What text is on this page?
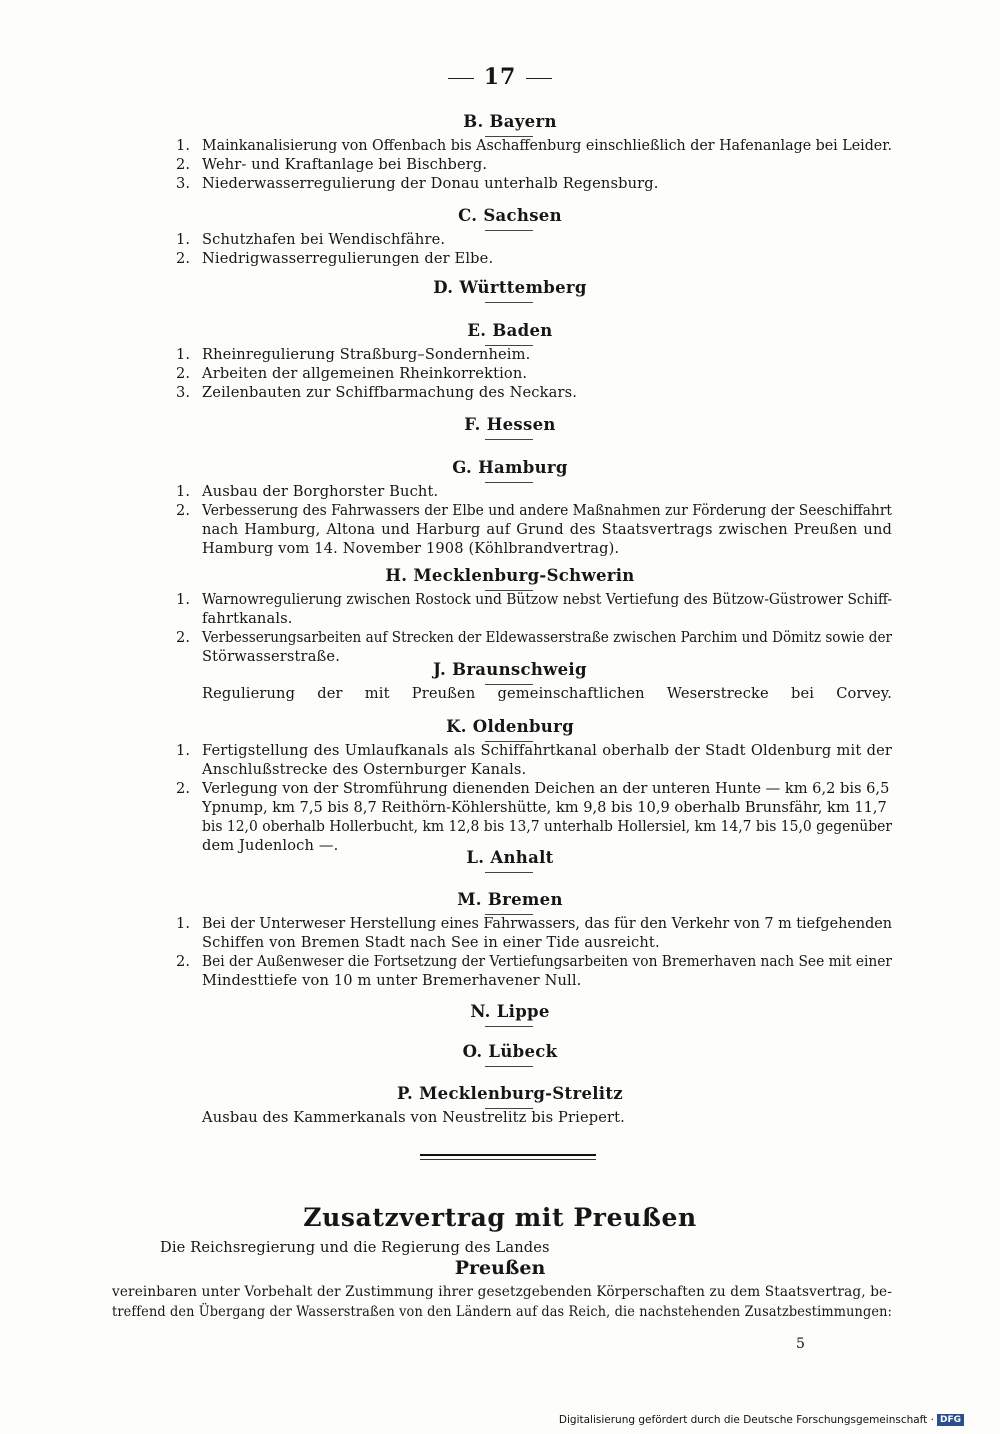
17
B. Bayern
1. Mainkanalisierung von Offenbach bis Aschaffenburg einschließlich der Hafenanlage bei Leider.
2. Wehr- und Kraftanlage bei Bischberg.
3. Niederwasserregulierung der Donau unterhalb Regensburg.
C. Sachsen
1. Schutzhafen bei Wendischfähre.
2. Niedrigwasserregulierungen der Elbe.
D. Württemberg
E. Baden
1. Rheinregulierung Straßburg–Sondernheim.
2. Arbeiten der allgemeinen Rheinkorrektion.
3. Zeilenbauten zur Schiffbarmachung des Neckars.
F. Hessen
G. Hamburg
1. Ausbau der Borghorster Bucht.
2. Verbesserung des Fahrwassers der Elbe und andere Maßnahmen zur Förderung der Seeschiffahrt
nach Hamburg, Altona und Harburg auf Grund des Staatsvertrags zwischen Preußen und
Hamburg vom 14. November 1908 (Köhlbrandvertrag).
H. Mecklenburg-Schwerin
1. Warnowregulierung zwischen Rostock und Bützow nebst Vertiefung des Bützow-Güstrower Schiff-
fahrtkanals.
2. Verbesserungsarbeiten auf Strecken der Eldewasserstraße zwischen Parchim und Dömitz sowie der
Störwasserstraße.
J. Braunschweig
Regulierung der mit Preußen gemeinschaftlichen Weserstrecke bei Corvey.
K. Oldenburg
1. Fertigstellung des Umlaufkanals als Schiffahrtkanal oberhalb der Stadt Oldenburg mit der
Anschlußstrecke des Osternburger Kanals.
2. Verlegung von der Stromführung dienenden Deichen an der unteren Hunte — km 6,2 bis 6,5
Ypnump, km 7,5 bis 8,7 Reithörn-Köhlershütte, km 9,8 bis 10,9 oberhalb Brunsfähr, km 11,7
bis 12,0 oberhalb Hollerbucht, km 12,8 bis 13,7 unterhalb Hollersiel, km 14,7 bis 15,0 gegenüber
dem Judenloch —.
L. Anhalt
M. Bremen
1. Bei der Unterweser Herstellung eines Fahrwassers, das für den Verkehr von 7 m tiefgehenden
Schiffen von Bremen Stadt nach See in einer Tide ausreicht.
2. Bei der Außenweser die Fortsetzung der Vertiefungsarbeiten von Bremerhaven nach See mit einer
Mindesttiefe von 10 m unter Bremerhavener Null.
N. Lippe
O. Lübeck
P. Mecklenburg-Strelitz
Ausbau des Kammerkanals von Neustrelitz bis Priepert.
Zusatzvertrag mit Preußen
Die Reichsregierung und die Regierung des Landes
Preußen
vereinbaren unter Vorbehalt der Zustimmung ihrer gesetzgebenden Körperschaften zu dem Staatsvertrag, be-
treffend den Übergang der Wasserstraßen von den Ländern auf das Reich, die nachstehenden Zusatzbestimmungen:
5
Digitalisierung gefördert durch die Deutsche Forschungsgemeinschaft · DFG
